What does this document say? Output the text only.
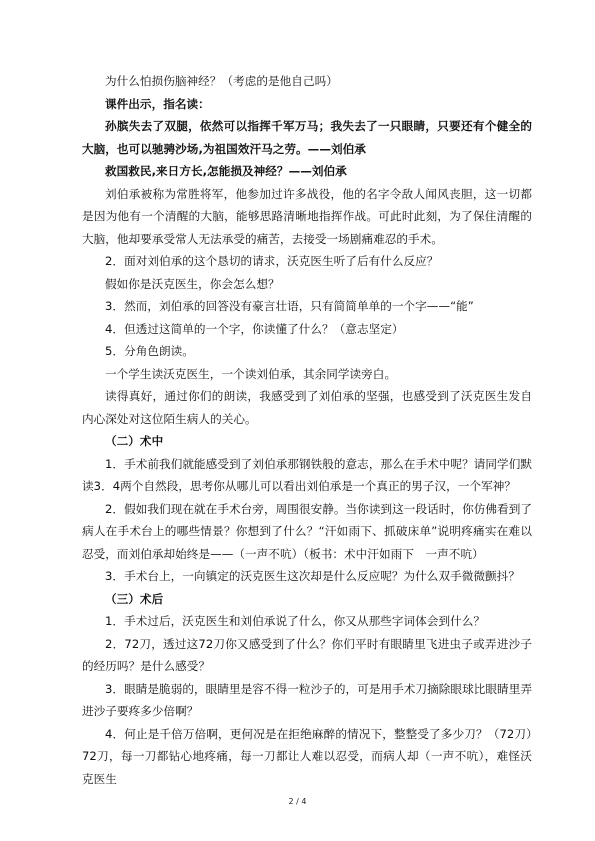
为什么怕损伤脑神经？（考虑的是他自己吗）

课件出示，指名读：

孙膑失去了双腿，依然可以指挥千军万马；我失去了一只眼睛，只要还有个健全的大脑，也可以驰骋沙场,为祖国效汗马之劳。——刘伯承

救国救民,来日方长,怎能损及神经？——刘伯承

刘伯承被称为常胜将军，他参加过许多战役，他的名字令敌人闻风丧胆，这一切都是因为他有一个清醒的大脑，能够思路清晰地指挥作战。可此时此刻，为了保住清醒的大脑，他却要承受常人无法承受的痛苦，去接受一场剧痛难忍的手术。

2．面对刘伯承的这个恳切的请求，沃克医生听了后有什么反应？

假如你是沃克医生，你会怎么想？

3．然而，刘伯承的回答没有豪言壮语，只有简简单单的一个字——“能”

4．但透过这简单的一个字，你读懂了什么？（意志坚定）

5．分角色朗读。

一个学生读沃克医生，一个读刘伯承，其余同学读旁白。

读得真好，通过你们的朗读，我感受到了刘伯承的坚强，也感受到了沃克医生发自内心深处对这位陌生病人的关心。

（二）术中

1．手术前我们就能感受到了刘伯承那钢铁般的意志，那么在手术中呢？请同学们默读3．4两个自然段，思考你从哪儿可以看出刘伯承是一个真正的男子汉，一个军神？

2．假如我们现在就在手术台旁，周围很安静。当你读到这一段话时，你仿佛看到了病人在手术台上的哪些情景？你想到了什么？“汗如雨下、抓破床单”说明疼痛实在难以忍受，而刘伯承却始终是——（一声不吭）（板书：术中汗如雨下　一声不吭）

3．手术台上，一向镇定的沃克医生这次却是什么反应呢？为什么双手微微颤抖？

（三）术后

1．手术过后，沃克医生和刘伯承说了什么，你又从那些字词体会到什么？

2．72刀，透过这72刀你又感受到了什么？你们平时有眼睛里飞进虫子或弄进沙子的经历吗？是什么感受？

3．眼睛是脆弱的，眼睛里是容不得一粒沙子的，可是用手术刀摘除眼球比眼睛里弄进沙子要疼多少倍啊？

4．何止是千倍万倍啊，更何况是在拒绝麻醉的情况下，整整受了多少刀？（72刀）72刀，每一刀都钻心地疼痛，每一刀都让人难以忍受，而病人却（一声不吭），难怪沃克医生

2 / 4
